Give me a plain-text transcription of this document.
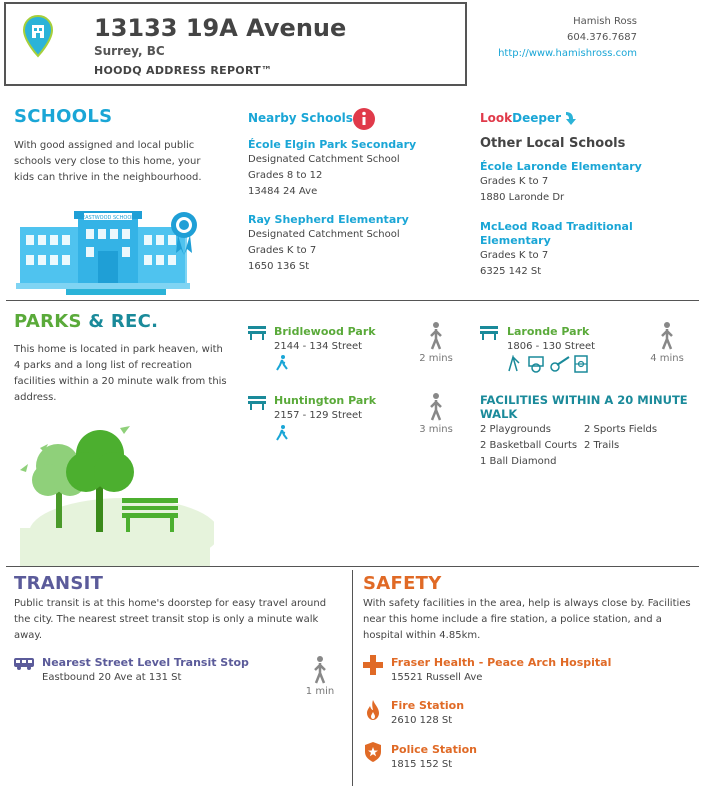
13133 19A Avenue
Surrey, BC
HOODQ ADDRESS REPORT™
Hamish Ross
604.376.7687
http://www.hamishross.com
SCHOOLS
With good assigned and local public schools very close to this home, your kids can thrive in the neighbourhood.
EASTWOOD SCHOOL
Nearby Schools
École Elgin Park Secondary
Designated Catchment School
Grades 8 to 12
13484 24 Ave
Ray Shepherd Elementary
Designated Catchment School
Grades K to 7
1650 136 St
LookDeeper
Other Local Schools
École Laronde Elementary
Grades K to 7
1880 Laronde Dr
McLeod Road Traditional Elementary
Grades K to 7
6325 142 St
PARKS & REC.
This home is located in park heaven, with 4 parks and a long list of recreation facilities within a 20 minute walk from this address.
Bridlewood Park
2144 - 134 Street
2 mins
Huntington Park
2157 - 129 Street
3 mins
Laronde Park
1806 - 130 Street
4 mins
FACILITIES WITHIN A 20 MINUTE WALK
2 Playgrounds	2 Sports Fields
2 Basketball Courts 2 Trails
1 Ball Diamond
TRANSIT
Public transit is at this home's doorstep for easy travel around the city. The nearest street transit stop is only a minute walk away.
Nearest Street Level Transit Stop
Eastbound 20 Ave at 131 St
1 min
SAFETY
With safety facilities in the area, help is always close by. Facilities near this home include a fire station, a police station, and a hospital within 4.85km.
Fraser Health - Peace Arch Hospital
15521 Russell Ave
Fire Station
2610 128 St
Police Station
1815 152 St
